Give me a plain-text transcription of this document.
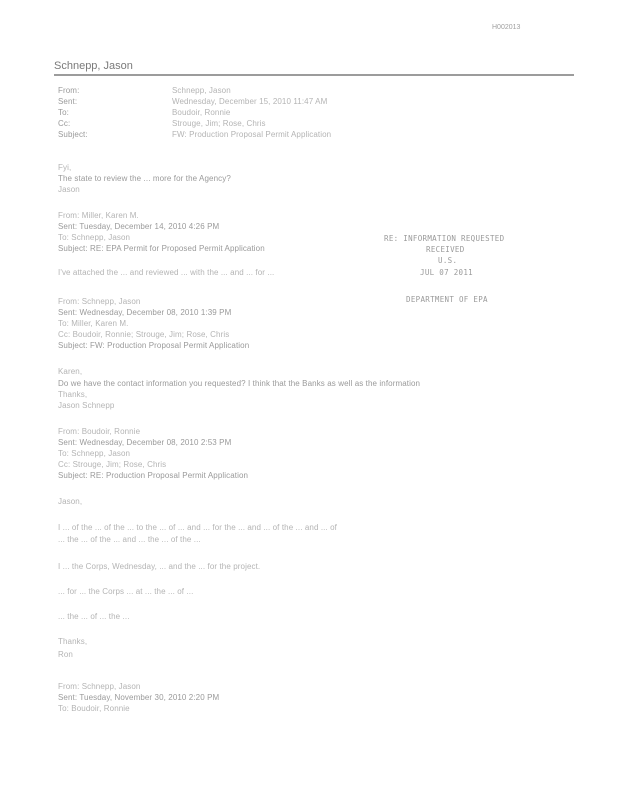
H002013
Schnepp, Jason
From:	Schnepp, Jason
Sent:	Wednesday, December 15, 2010 11:47 AM
To:	Boudoir, Ronnie
Cc:	Strouge, Jim; Rose, Chris
Subject:	FW: Production Proposal Permit Application
Fyi,
The state to review the ... more for the Agency?
Jason
From: Miller, Karen M.
Sent: Tuesday, December 14, 2010 4:26 PM
To: Schnepp, Jason
Subject: RE: EPA Permit for Proposed Permit Application
I've attached the ... and reviewed ... with the ... and ... for ...
RE: INFORMATION REQUESTED
RECEIVED
U.S.
JUL 07 2011
DEPARTMENT OF EPA
From: Schnepp, Jason
Sent: Wednesday, December 08, 2010 1:39 PM
To: Miller, Karen M.
Cc: Boudoir, Ronnie; Strouge, Jim; Rose, Chris
Subject: FW: Production Proposal Permit Application
Karen,
Do we have the contact information you requested? I think that the Banks as well as the information
Thanks,
Jason Schnepp
From: Boudoir, Ronnie
Sent: Wednesday, December 08, 2010 2:53 PM
To: Schnepp, Jason
Cc: Strouge, Jim; Rose, Chris
Subject: RE: Production Proposal Permit Application
Jason,
I ... of the ... of the ... to the ... of ... and ... for the ... and ... of the ... and ... of
... the ... of the ... and ... the ... of the ...
I ... the Corps, Wednesday, ... and the ... for the project.
... for ... the Corps ... at ... the ... of ...
... the ... of ... the ...
Thanks,
Ron
From: Schnepp, Jason
Sent: Tuesday, November 30, 2010 2:20 PM
To: Boudoir, Ronnie
